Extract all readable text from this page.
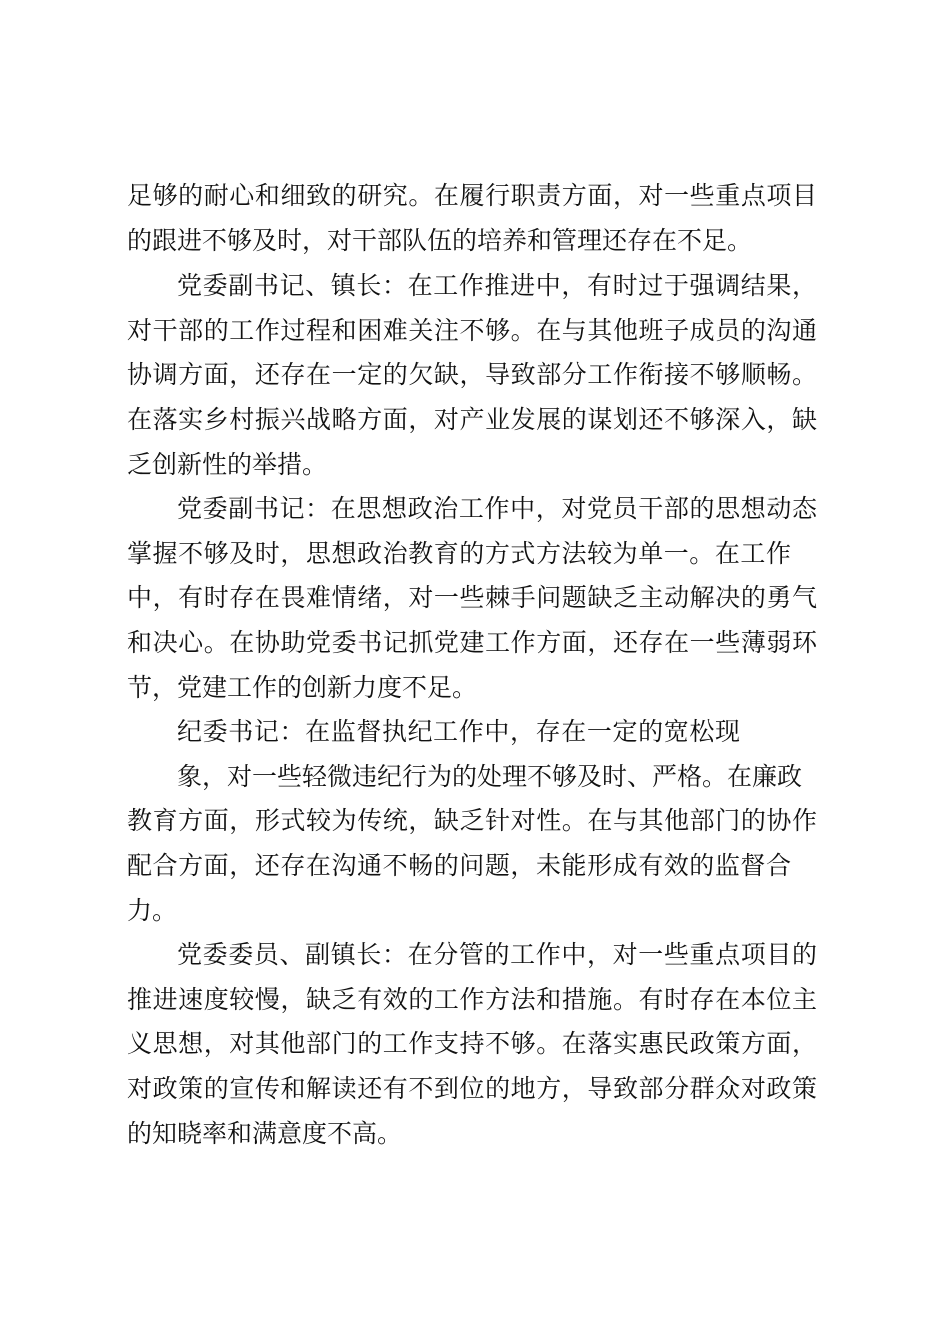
足够的耐心和细致的研究。在履行职责方面，对一些重点项目
的跟进不够及时，对干部队伍的培养和管理还存在不足。
党委副书记、镇长：在工作推进中，有时过于强调结果，
对干部的工作过程和困难关注不够。在与其他班子成员的沟通
协调方面，还存在一定的欠缺，导致部分工作衔接不够顺畅。
在落实乡村振兴战略方面，对产业发展的谋划还不够深入，缺
乏创新性的举措。
党委副书记：在思想政治工作中，对党员干部的思想动态
掌握不够及时，思想政治教育的方式方法较为单一。在工作
中，有时存在畏难情绪，对一些棘手问题缺乏主动解决的勇气
和决心。在协助党委书记抓党建工作方面，还存在一些薄弱环
节，党建工作的创新力度不足。
纪委书记：在监督执纪工作中，存在一定的宽松现
象，对一些轻微违纪行为的处理不够及时、严格。在廉政
教育方面，形式较为传统，缺乏针对性。在与其他部门的协作
配合方面，还存在沟通不畅的问题，未能形成有效的监督合
力。
党委委员、副镇长：在分管的工作中，对一些重点项目的
推进速度较慢，缺乏有效的工作方法和措施。有时存在本位主
义思想，对其他部门的工作支持不够。在落实惠民政策方面，
对政策的宣传和解读还有不到位的地方，导致部分群众对政策
的知晓率和满意度不高。
